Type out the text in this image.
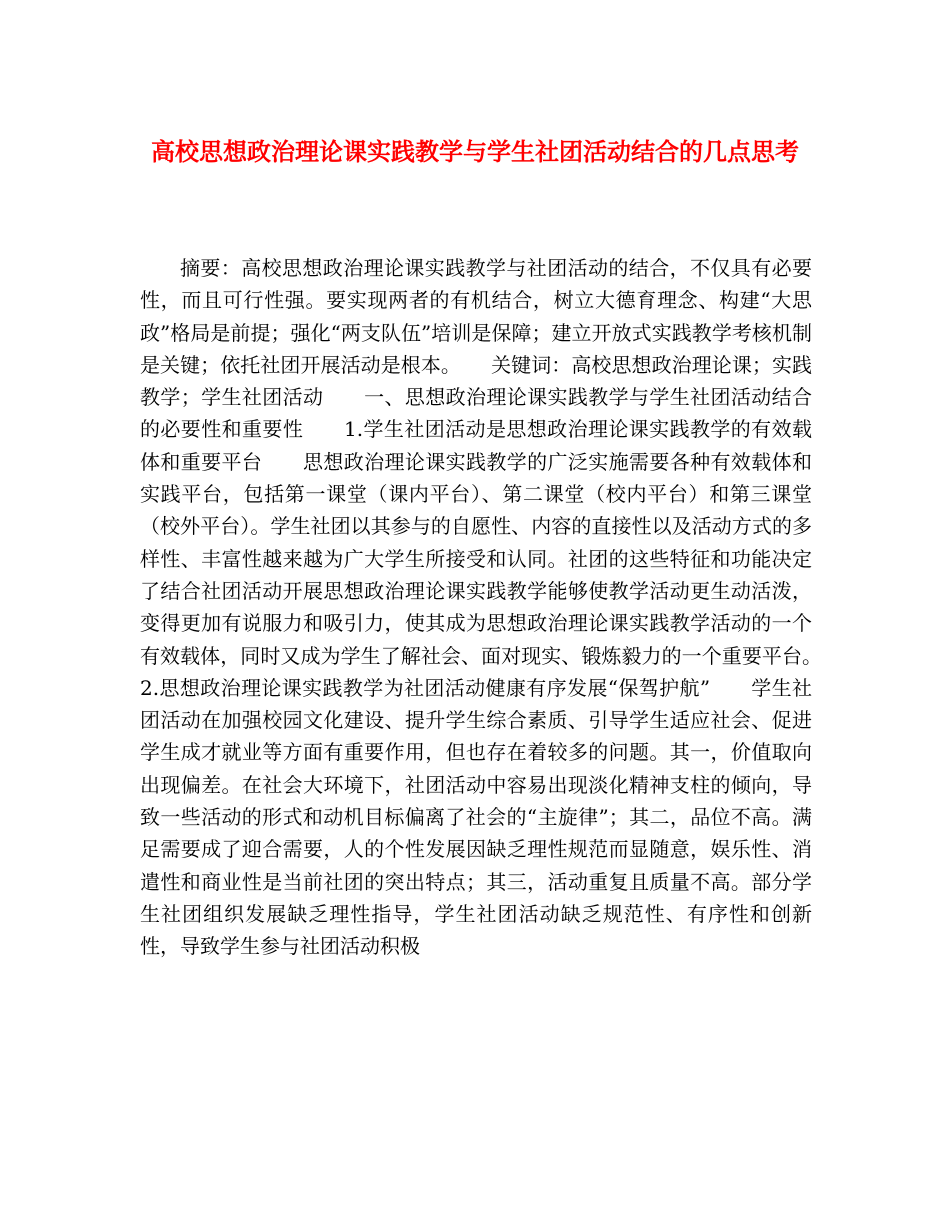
高校思想政治理论课实践教学与学生社团活动结合的几点思考

摘要：高校思想政治理论课实践教学与社团活动的结合，不仅具有必要性，而且可行性强。要实现两者的有机结合，树立大德育理念、构建“大思政”格局是前提；强化“两支队伍”培训是保障；建立开放式实践教学考核机制是关键；依托社团开展活动是根本。　　关键词：高校思想政治理论课；实践教学；学生社团活动　　一、思想政治理论课实践教学与学生社团活动结合的必要性和重要性　　1.学生社团活动是思想政治理论课实践教学的有效载体和重要平台　　思想政治理论课实践教学的广泛实施需要各种有效载体和实践平台，包括第一课堂（课内平台）、第二课堂（校内平台）和第三课堂（校外平台）。学生社团以其参与的自愿性、内容的直接性以及活动方式的多样性、丰富性越来越为广大学生所接受和认同。社团的这些特征和功能决定了结合社团活动开展思想政治理论课实践教学能够使教学活动更生动活泼，变得更加有说服力和吸引力，使其成为思想政治理论课实践教学活动的一个有效载体，同时又成为学生了解社会、面对现实、锻炼毅力的一个重要平台。　　2.思想政治理论课实践教学为社团活动健康有序发展“保驾护航”　　学生社团活动在加强校园文化建设、提升学生综合素质、引导学生适应社会、促进学生成才就业等方面有重要作用，但也存在着较多的问题。其一，价值取向出现偏差。在社会大环境下，社团活动中容易出现淡化精神支柱的倾向，导致一些活动的形式和动机目标偏离了社会的“主旋律”；其二，品位不高。满足需要成了迎合需要，人的个性发展因缺乏理性规范而显随意，娱乐性、消遣性和商业性是当前社团的突出特点；其三，活动重复且质量不高。部分学生社团组织发展缺乏理性指导，学生社团活动缺乏规范性、有序性和创新性，导致学生参与社团活动积极
